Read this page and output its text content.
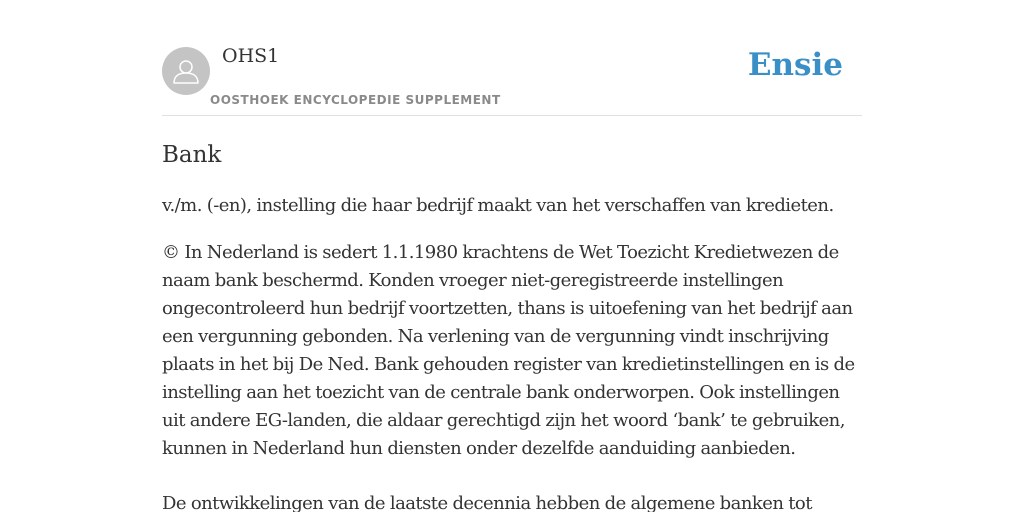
OHS1
OOSTHOEK ENCYCLOPEDIE SUPPLEMENT
Ensie
Bank

v./m. (-en), instelling die haar bedrijf maakt van het verschaffen van kredieten.

© In Nederland is sedert 1.1.1980 krachtens de Wet Toezicht Kredietwezen de naam bank beschermd. Konden vroeger niet-geregistreerde instellingen ongecontroleerd hun bedrijf voortzetten, thans is uitoefening van het bedrijf aan een vergunning gebonden. Na verlening van de vergunning vindt inschrijving plaats in het bij De Ned. Bank gehouden register van kredietinstellingen en is de instelling aan het toezicht van de centrale bank onderworpen. Ook instellingen uit andere EG-landen, die aldaar gerechtigd zijn het woord ‘bank’ te gebruiken, kunnen in Nederland hun diensten onder dezelfde aanduiding aanbieden.

De ontwikkelingen van de laatste decennia hebben de algemene banken tot
